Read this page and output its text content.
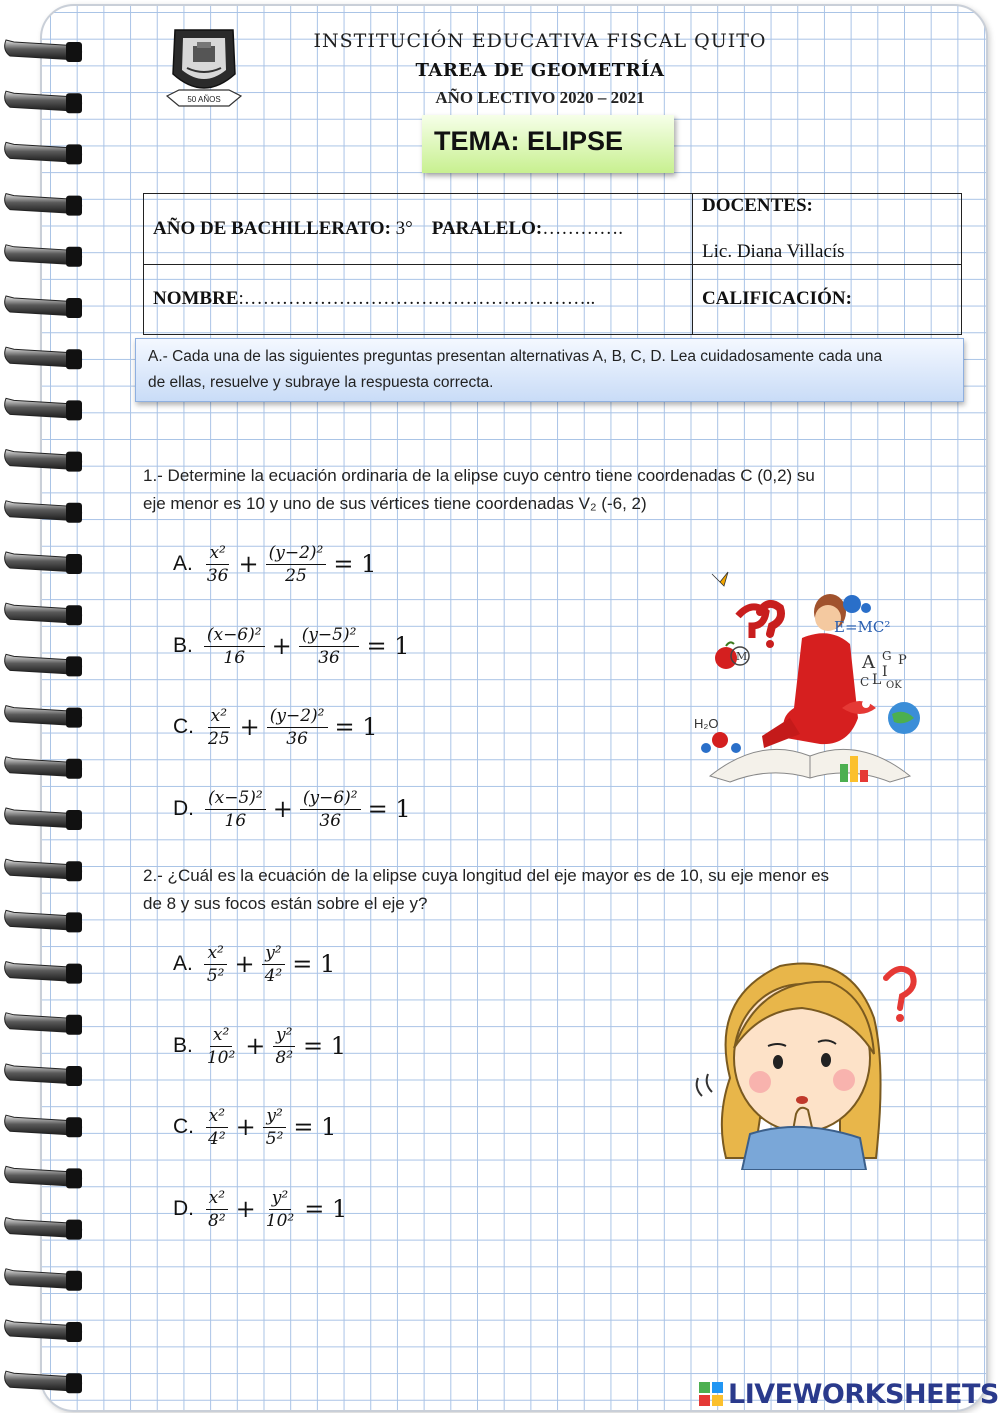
50 AÑOS
INSTITUCIÓN EDUCATIVA FISCAL QUITO
TAREA DE GEOMETRÍA
AÑO LECTIVO 2020 – 2021
TEMA: ELIPSE
AÑO DE BACHILLERATO: 3° PARALELO:………….
DOCENTES:
Lic. Diana Villacís
NOMBRE:………………………………………………..	CALIFICACIÓN:
A.- Cada una de las siguientes preguntas presentan alternativas A, B, C, D. Lea cuidadosamente cada una
de ellas, resuelve y subraye la respuesta correcta.
1.- Determine la ecuación ordinaria de la elipse cuyo centro tiene coordenadas C (0,2) su
eje menor es 10 y uno de sus vértices tiene coordenadas V₂ (-6, 2)
A. $\frac{\text{x²}}{36} + \frac{\text{(y−2)²}}{25} = 1$
B. $\frac{\text{(x−6)²}}{16} + \frac{\text{(y−5)²}}{36} = 1$
C. $\frac{\text{x²}}{25} + \frac{\text{(y−2)²}}{36} = 1$
D. $\frac{\text{(x−5)²}}{16} + \frac{\text{(y−6)²}}{36} = 1$
M
E=MC²
A G P
I
C L OK
H₂O
2.- ¿Cuál es la ecuación de la elipse cuya longitud del eje mayor es de 10, su eje menor es
de 8 y sus focos están sobre el eje y?
A. $\frac{\text{x²}}{\text{5²}} + \frac{\text{y²}}{\text{4²}} = 1$
B. $\frac{\text{x²}}{\text{10²}} + \frac{\text{y²}}{\text{8²}} = 1$
C. $\frac{\text{x²}}{\text{4²}} + \frac{\text{y²}}{\text{5²}} = 1$
D. $\frac{\text{x²}}{\text{8²}} + \frac{\text{y²}}{\text{10²}} = 1$
LIVEWORKSHEETS
